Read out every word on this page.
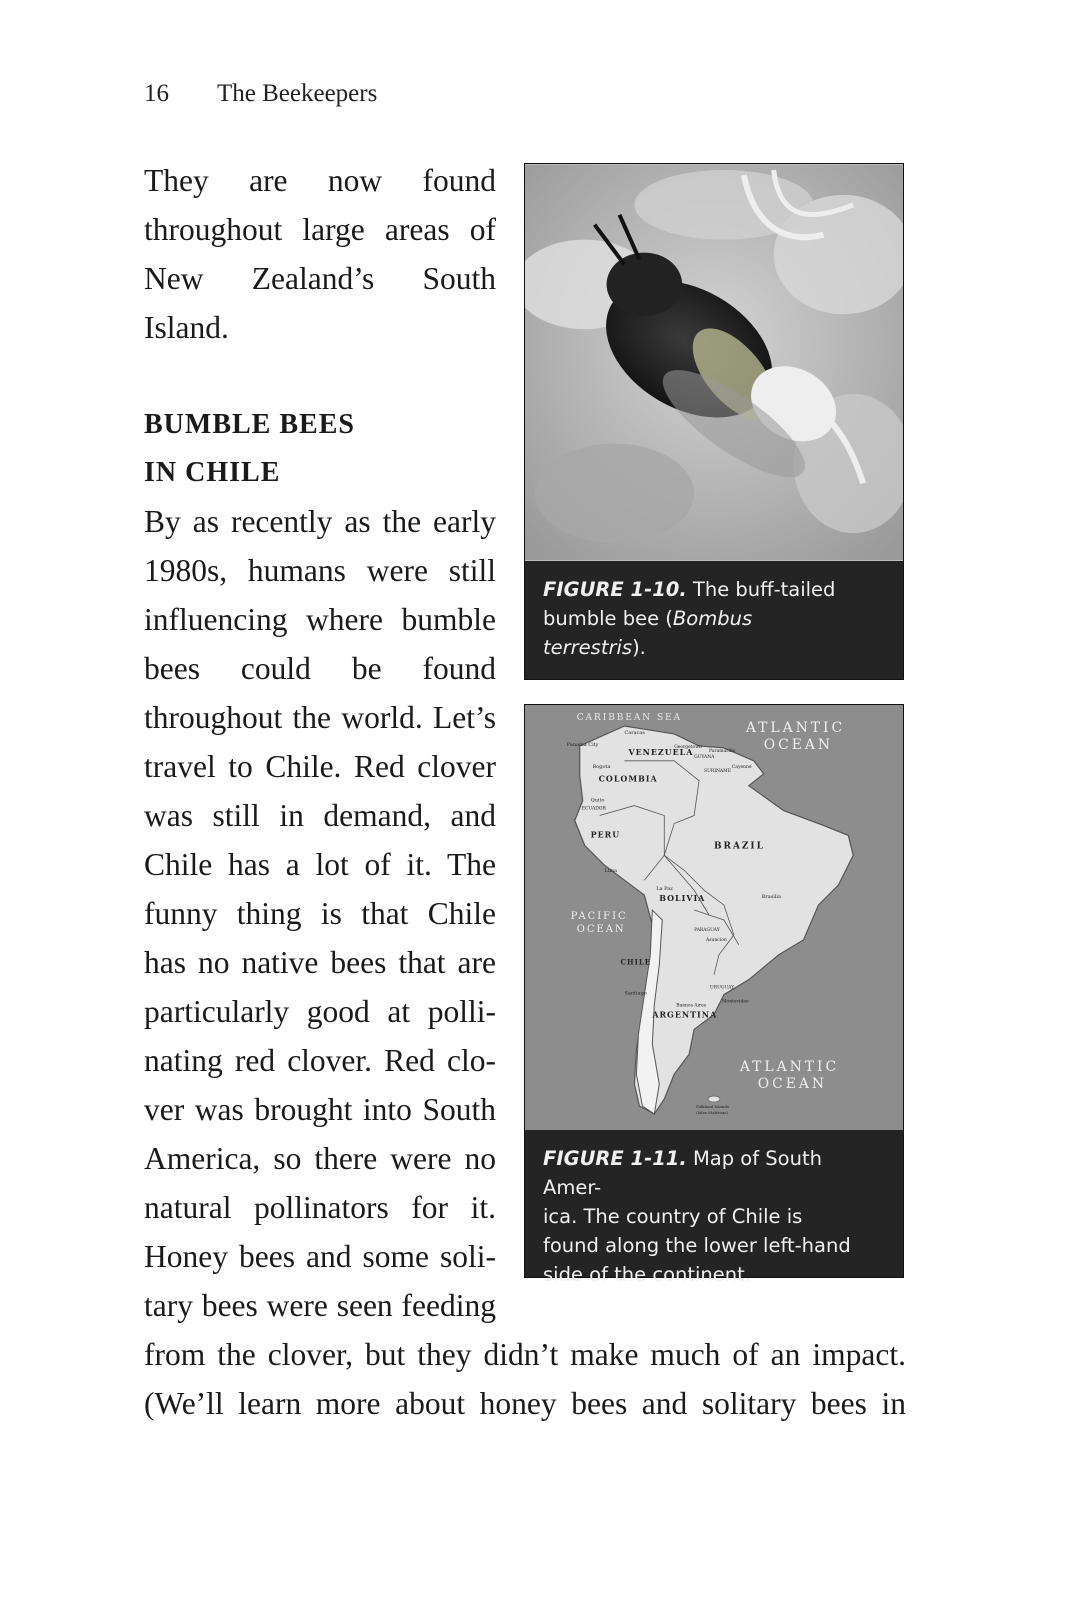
16 The Beekeepers

They are now found

throughout large areas of

New Zealand’s South

Island.

BUMBLE BEES
IN CHILE

By as recently as the early

1980s, humans were still

influencing where bumble

bees could be found

throughout the world. Let’s

travel to Chile. Red clover

was still in demand, and

Chile has a lot of it. The

funny thing is that Chile

has no native bees that are

particularly good at polli-

nating red clover. Red clo-

ver was brought into South

America, so there were no

natural pollinators for it.

Honey bees and some soli-

tary bees were seen feeding

from the clover, but they didn’t make much of an impact.

(We’ll learn more about honey bees and solitary bees in

FIGURE 1-10. The buff-tailed
bumble bee (Bombus
terrestris).
CARIBBEAN SEA
ATLANTIC
OCEAN
Panama City
Caracas
VENEZUELA
Bogota
Georgetown
GUYANA
Paramaribo
SURINAME
Cayenne
COLOMBIA
Quito
ECUADOR
PERU
BRAZIL
Lima
La Paz
BOLIVIA	Brasilia
PACIFIC
OCEAN	PARAGUAY
Asuncion
CHILE
URUGUAY
Santiago
Buenos Aires
Montevideo
ARGENTINA
ATLANTIC
OCEAN
Falkland Islands
(Islas Malvinas)
FIGURE 1-11. Map of South Amer-
ica. The country of Chile is
found along the lower left-hand
side of the continent.
